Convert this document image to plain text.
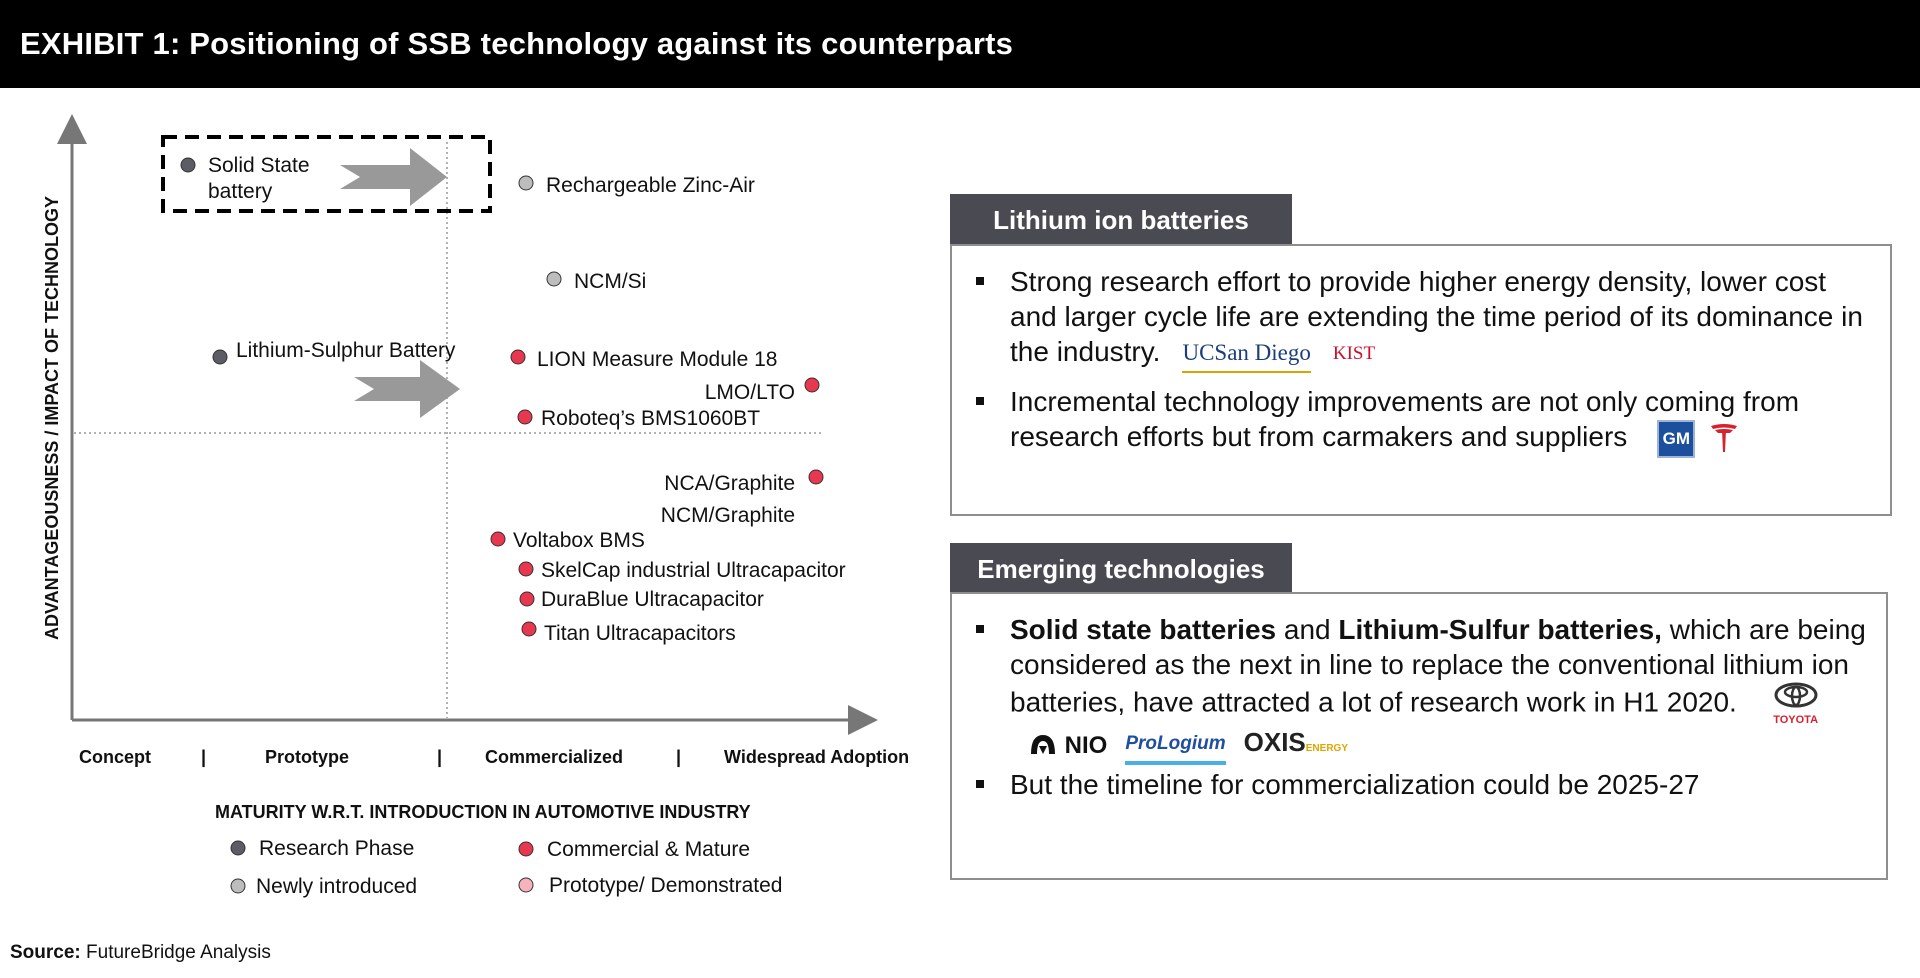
EXHIBIT 1: Positioning of SSB technology against its counterparts
ADVANTAGEOUSNESS / IMPACT OF TECHNOLOGY
Solid State
battery	Rechargeable Zinc-Air
NCM/Si
Lithium-Sulphur Battery	LION Measure Module 18
LMO/LTO
Roboteq’s BMS1060BT
NCA/Graphite
NCM/Graphite
Voltabox BMS
SkelCap industrial Ultracapacitor
DuraBlue Ultracapacitor
Titan Ultracapacitors
Concept	|	Prototype	| Commercialized	| Widespread Adoption
MATURITY W.R.T. INTRODUCTION IN AUTOMOTIVE INDUSTRY
Research Phase	Commercial & Mature
Newly introduced	Prototype/ Demonstrated
Lithium ion batteries
Strong research effort to provide higher energy density, lower cost and larger cycle life are extending the time period of its dominance in the industry. UCSan Diego KIST
Incremental technology improvements are not only coming from research efforts but from carmakers and suppliers GM
Emerging technologies
Solid state batteries and Lithium-Sulfur batteries, which are being considered as the next in line to replace the conventional lithium ion batteries, have attracted a lot of research work in H1 2020.
TOYOTA NIO ProLogium OXISENERGY
But the timeline for commercialization could be 2025-27
Source: FutureBridge Analysis
